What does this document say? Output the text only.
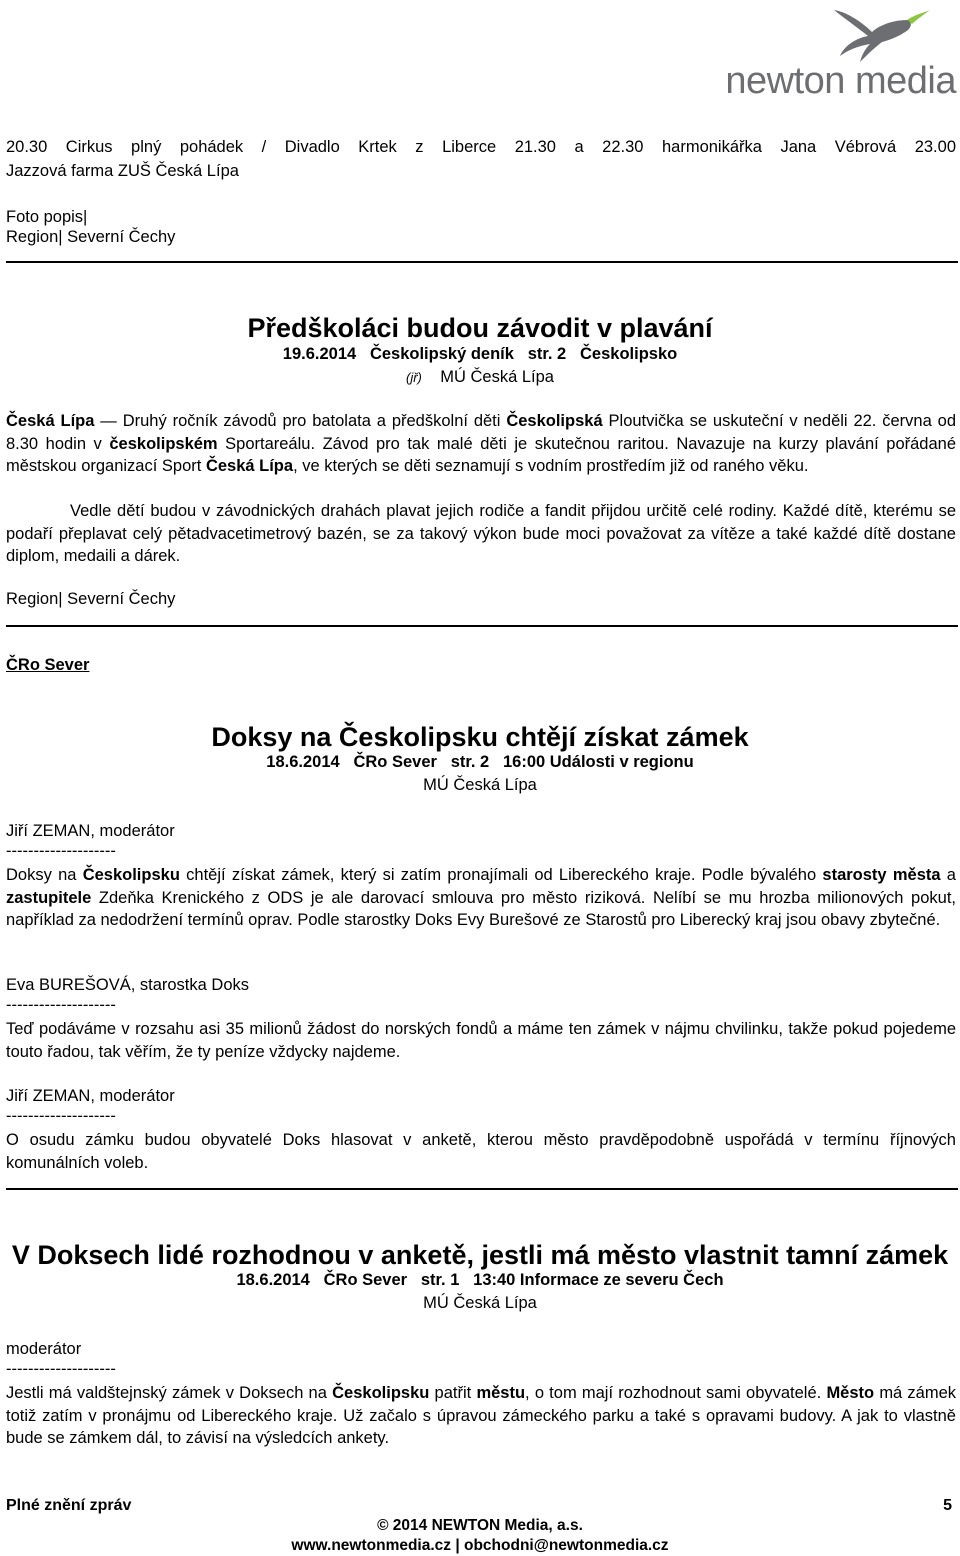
newton media
20.30 Cirkus plný pohádek / Divadlo Krtek z Liberce 21.30 a 22.30 harmonikářka Jana Vébrová 23.00
Jazzová farma ZUŠ Česká Lípa
Foto popis|
Region| Severní Čechy
Předškoláci budou závodit v plavání
19.6.2014 Českolipský deník str. 2 Českolipsko
(jř) MÚ Česká Lípa
Česká Lípa — Druhý ročník závodů pro batolata a předškolní děti Českolipská Ploutvička se uskuteční v neděli 22. června od 8.30 hodin v českolipském Sportareálu. Závod pro tak malé děti je skutečnou raritou. Navazuje na kurzy plavání pořádané městskou organizací Sport Česká Lípa, ve kterých se děti seznamují s vodním prostředím již od raného věku.
Vedle dětí budou v závodnických drahách plavat jejich rodiče a fandit přijdou určitě celé rodiny. Každé dítě, kterému se podaří přeplavat celý pětadvacetimetrový bazén, se za takový výkon bude moci považovat za vítěze a také každé dítě dostane diplom, medaili a dárek.
Region| Severní Čechy
ČRo Sever
Doksy na Českolipsku chtějí získat zámek
18.6.2014 ČRo Sever str. 2 16:00 Události v regionu
MÚ Česká Lípa
Jiří ZEMAN, moderátor
--------------------
Doksy na Českolipsku chtějí získat zámek, který si zatím pronajímali od Libereckého kraje. Podle bývalého starosty města a zastupitele Zdeňka Krenického z ODS je ale darovací smlouva pro město riziková. Nelíbí se mu hrozba milionových pokut, například za nedodržení termínů oprav. Podle starostky Doks Evy Burešové ze Starostů pro Liberecký kraj jsou obavy zbytečné.
Eva BUREŠOVÁ, starostka Doks
--------------------
Teď podáváme v rozsahu asi 35 milionů žádost do norských fondů a máme ten zámek v nájmu chvilinku, takže pokud pojedeme touto řadou, tak věřím, že ty peníze vždycky najdeme.
Jiří ZEMAN, moderátor
--------------------
O osudu zámku budou obyvatelé Doks hlasovat v anketě, kterou město pravděpodobně uspořádá v termínu říjnových komunálních voleb.
V Doksech lidé rozhodnou v anketě, jestli má město vlastnit tamní zámek
18.6.2014 ČRo Sever str. 1 13:40 Informace ze severu Čech
MÚ Česká Lípa
moderátor
--------------------
Jestli má valdštejnský zámek v Doksech na Českolipsku patřit městu, o tom mají rozhodnout sami obyvatelé. Město má zámek totiž zatím v pronájmu od Libereckého kraje. Už začalo s úpravou zámeckého parku a také s opravami budovy. A jak to vlastně bude se zámkem dál, to závisí na výsledcích ankety.
Plné znění zpráv	5
© 2014 NEWTON Media, a.s.
www.newtonmedia.cz | obchodni@newtonmedia.cz
